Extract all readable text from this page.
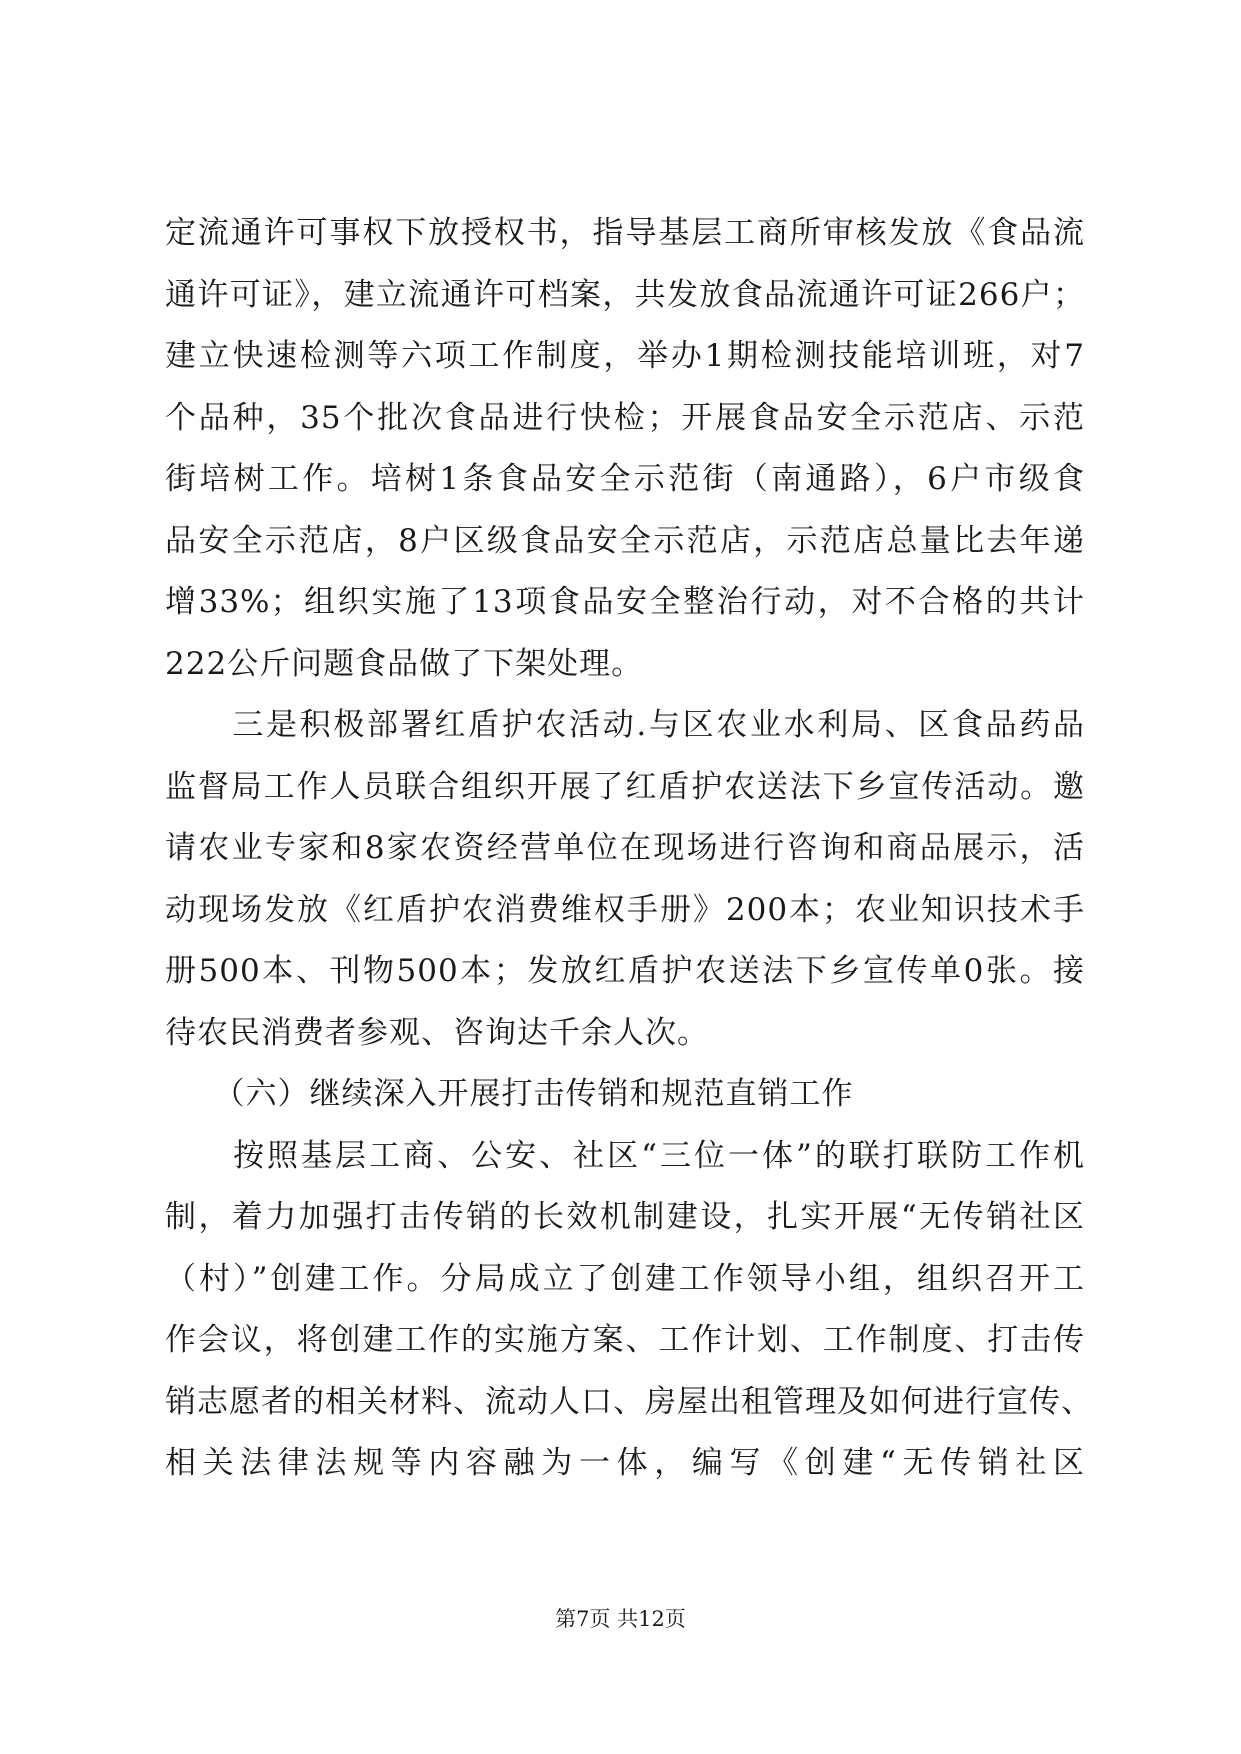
定流通许可事权下放授权书，指导基层工商所审核发放《食品流
通许可证》，建立流通许可档案，共发放食品流通许可证266户；
建立快速检测等六项工作制度，举办1期检测技能培训班，对7
个品种，35个批次食品进行快检；开展食品安全示范店、示范
街培树工作。培树1条食品安全示范街（南通路），6户市级食
品安全示范店，8户区级食品安全示范店，示范店总量比去年递
增33%；组织实施了13项食品安全整治行动，对不合格的共计
222公斤问题食品做了下架处理。
　　三是积极部署红盾护农活动.与区农业水利局、区食品药品
监督局工作人员联合组织开展了红盾护农送法下乡宣传活动。邀
请农业专家和8家农资经营单位在现场进行咨询和商品展示，活
动现场发放《红盾护农消费维权手册》200本；农业知识技术手
册500本、刊物500本；发放红盾护农送法下乡宣传单0张。接
待农民消费者参观、咨询达千余人次。
　　（六）继续深入开展打击传销和规范直销工作
　　按照基层工商、公安、社区“三位一体”的联打联防工作机
制，着力加强打击传销的长效机制建设，扎实开展“无传销社区
（村）”创建工作。分局成立了创建工作领导小组，组织召开工
作会议，将创建工作的实施方案、工作计划、工作制度、打击传
销志愿者的相关材料、流动人口、房屋出租管理及如何进行宣传、
相关法律法规等内容融为一体，编写《创建“无传销社区
第7页 共12页
